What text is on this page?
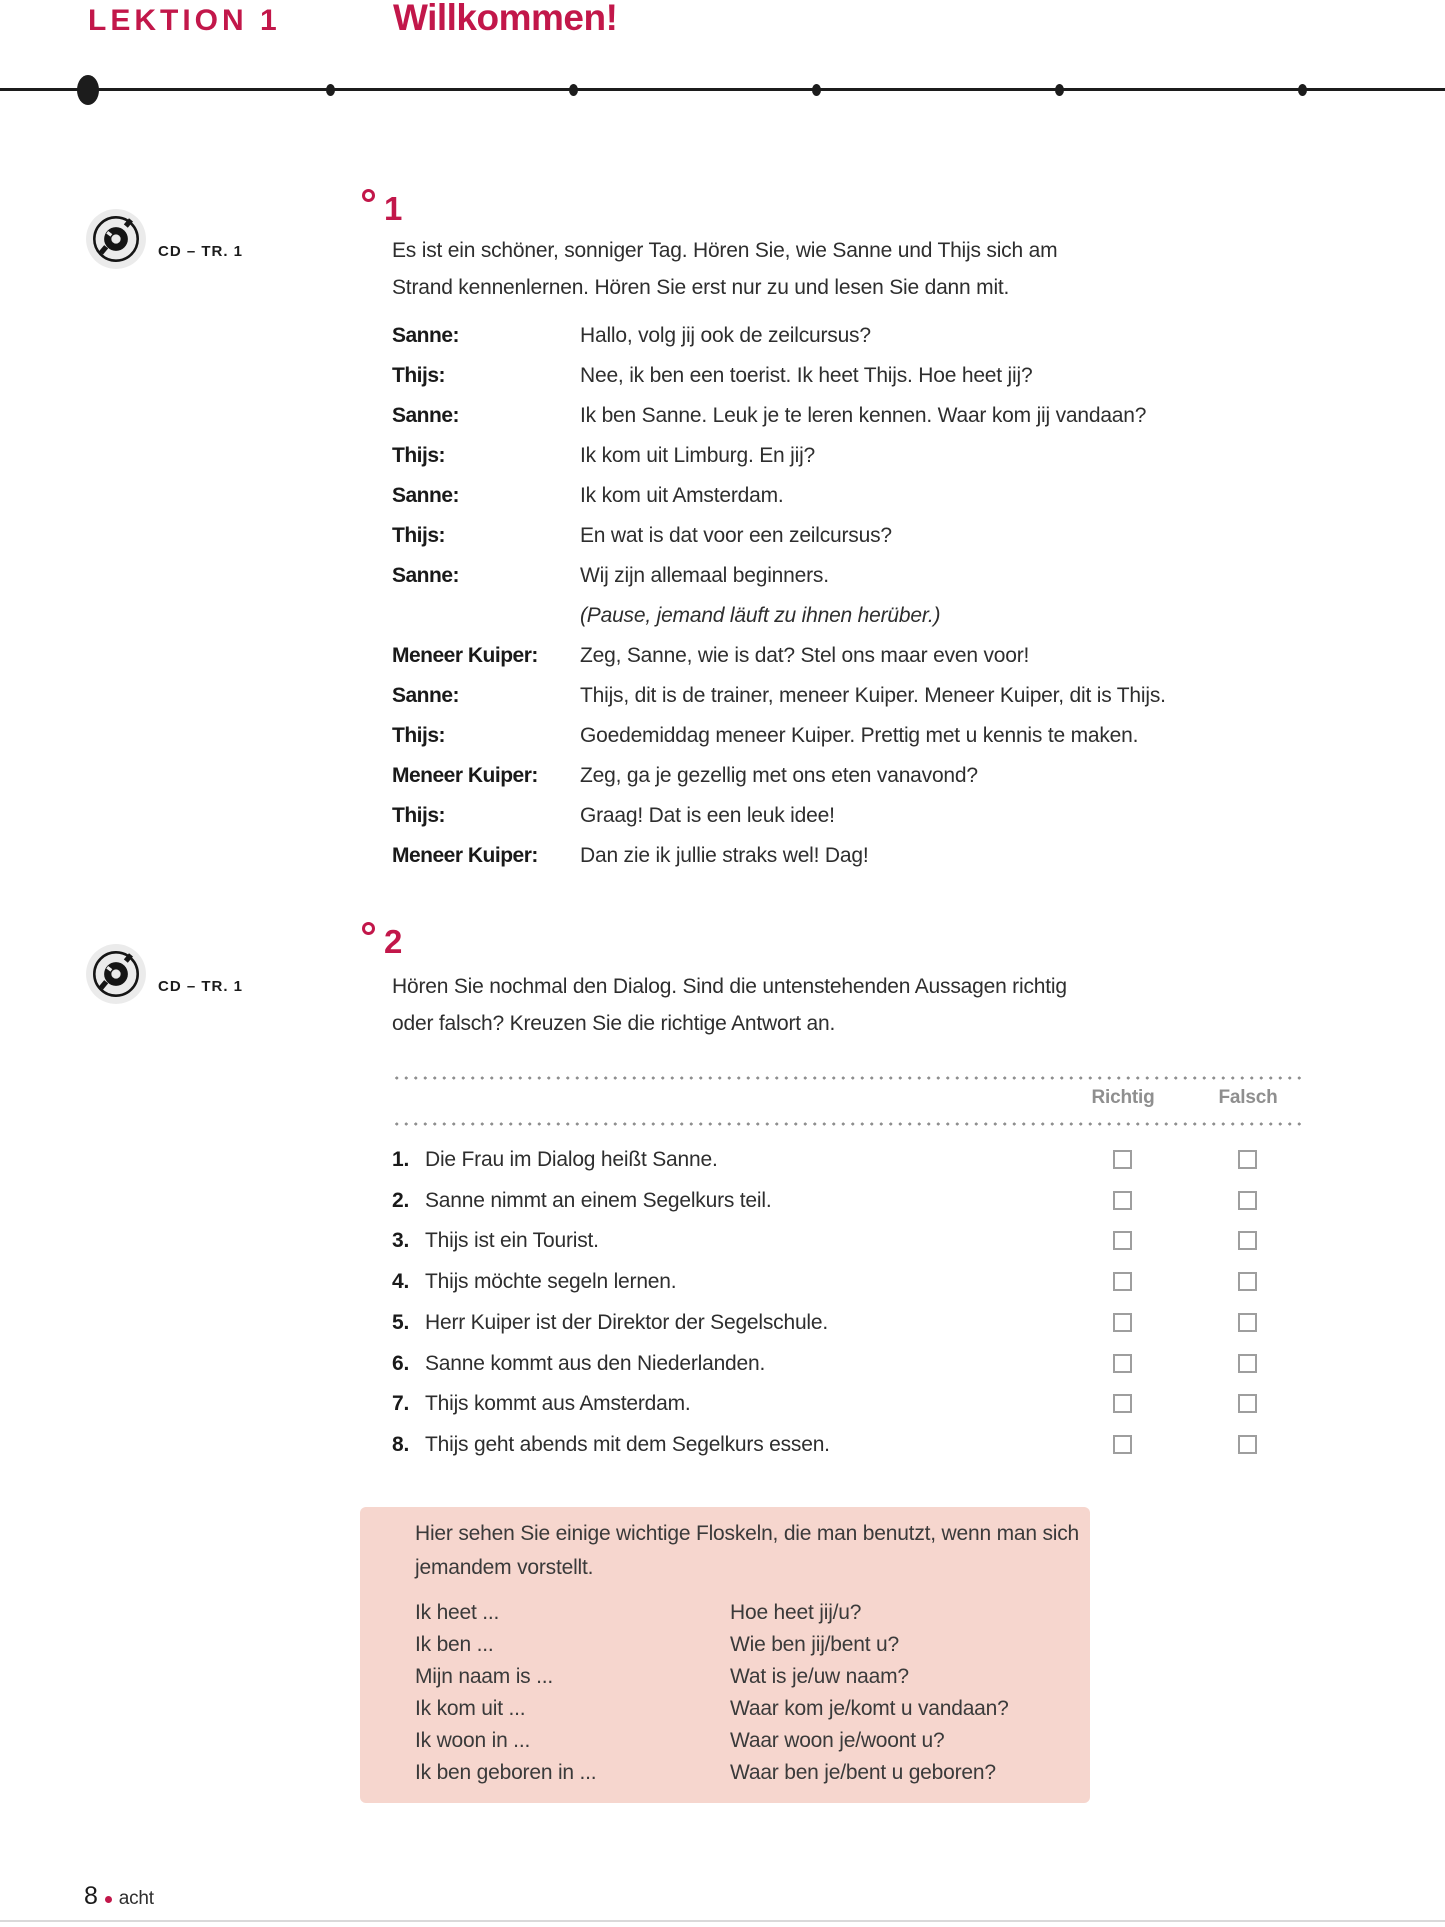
LEKTION 1	Willkommen!
CD – TR. 1
1
Es ist ein schöner, sonniger Tag. Hören Sie, wie Sanne und Thijs sich am
Strand kennenlernen. Hören Sie erst nur zu und lesen Sie dann mit.
Sanne:	Hallo, volg jij ook de zeilcursus?
Thijs:	Nee, ik ben een toerist. Ik heet Thijs. Hoe heet jij?
Sanne:	Ik ben Sanne. Leuk je te leren kennen. Waar kom jij vandaan?
Thijs:	Ik kom uit Limburg. En jij?
Sanne:	Ik kom uit Amsterdam.
Thijs:	En wat is dat voor een zeilcursus?
Sanne:	Wij zijn allemaal beginners.
(Pause, jemand läuft zu ihnen herüber.)
Meneer Kuiper:	Zeg, Sanne, wie is dat? Stel ons maar even voor!
Sanne:	Thijs, dit is de trainer, meneer Kuiper. Meneer Kuiper, dit is Thijs.
Thijs:	Goedemiddag meneer Kuiper. Prettig met u kennis te maken.
Meneer Kuiper:	Zeg, ga je gezellig met ons eten vanavond?
Thijs:	Graag! Dat is een leuk idee!
Meneer Kuiper:	Dan zie ik jullie straks wel! Dag!
CD – TR. 1
2
Hören Sie nochmal den Dialog. Sind die untenstehenden Aussagen richtig
oder falsch? Kreuzen Sie die richtige Antwort an.
Richtig	Falsch
1. Die Frau im Dialog heißt Sanne.
2. Sanne nimmt an einem Segelkurs teil.
3. Thijs ist ein Tourist.
4. Thijs möchte segeln lernen.
5. Herr Kuiper ist der Direktor der Segelschule.
6. Sanne kommt aus den Niederlanden.
7. Thijs kommt aus Amsterdam.
8. Thijs geht abends mit dem Segelkurs essen.
Hier sehen Sie einige wichtige Floskeln, die man benutzt, wenn man sich
jemandem vorstellt.
Ik heet ...	Hoe heet jij/u?
Ik ben ...	Wie ben jij/bent u?
Mijn naam is ...	Wat is je/uw naam?
Ik kom uit ...	Waar kom je/komt u vandaan?
Ik woon in ...	Waar woon je/woont u?
Ik ben geboren in ...	Waar ben je/bent u geboren?
8 acht
